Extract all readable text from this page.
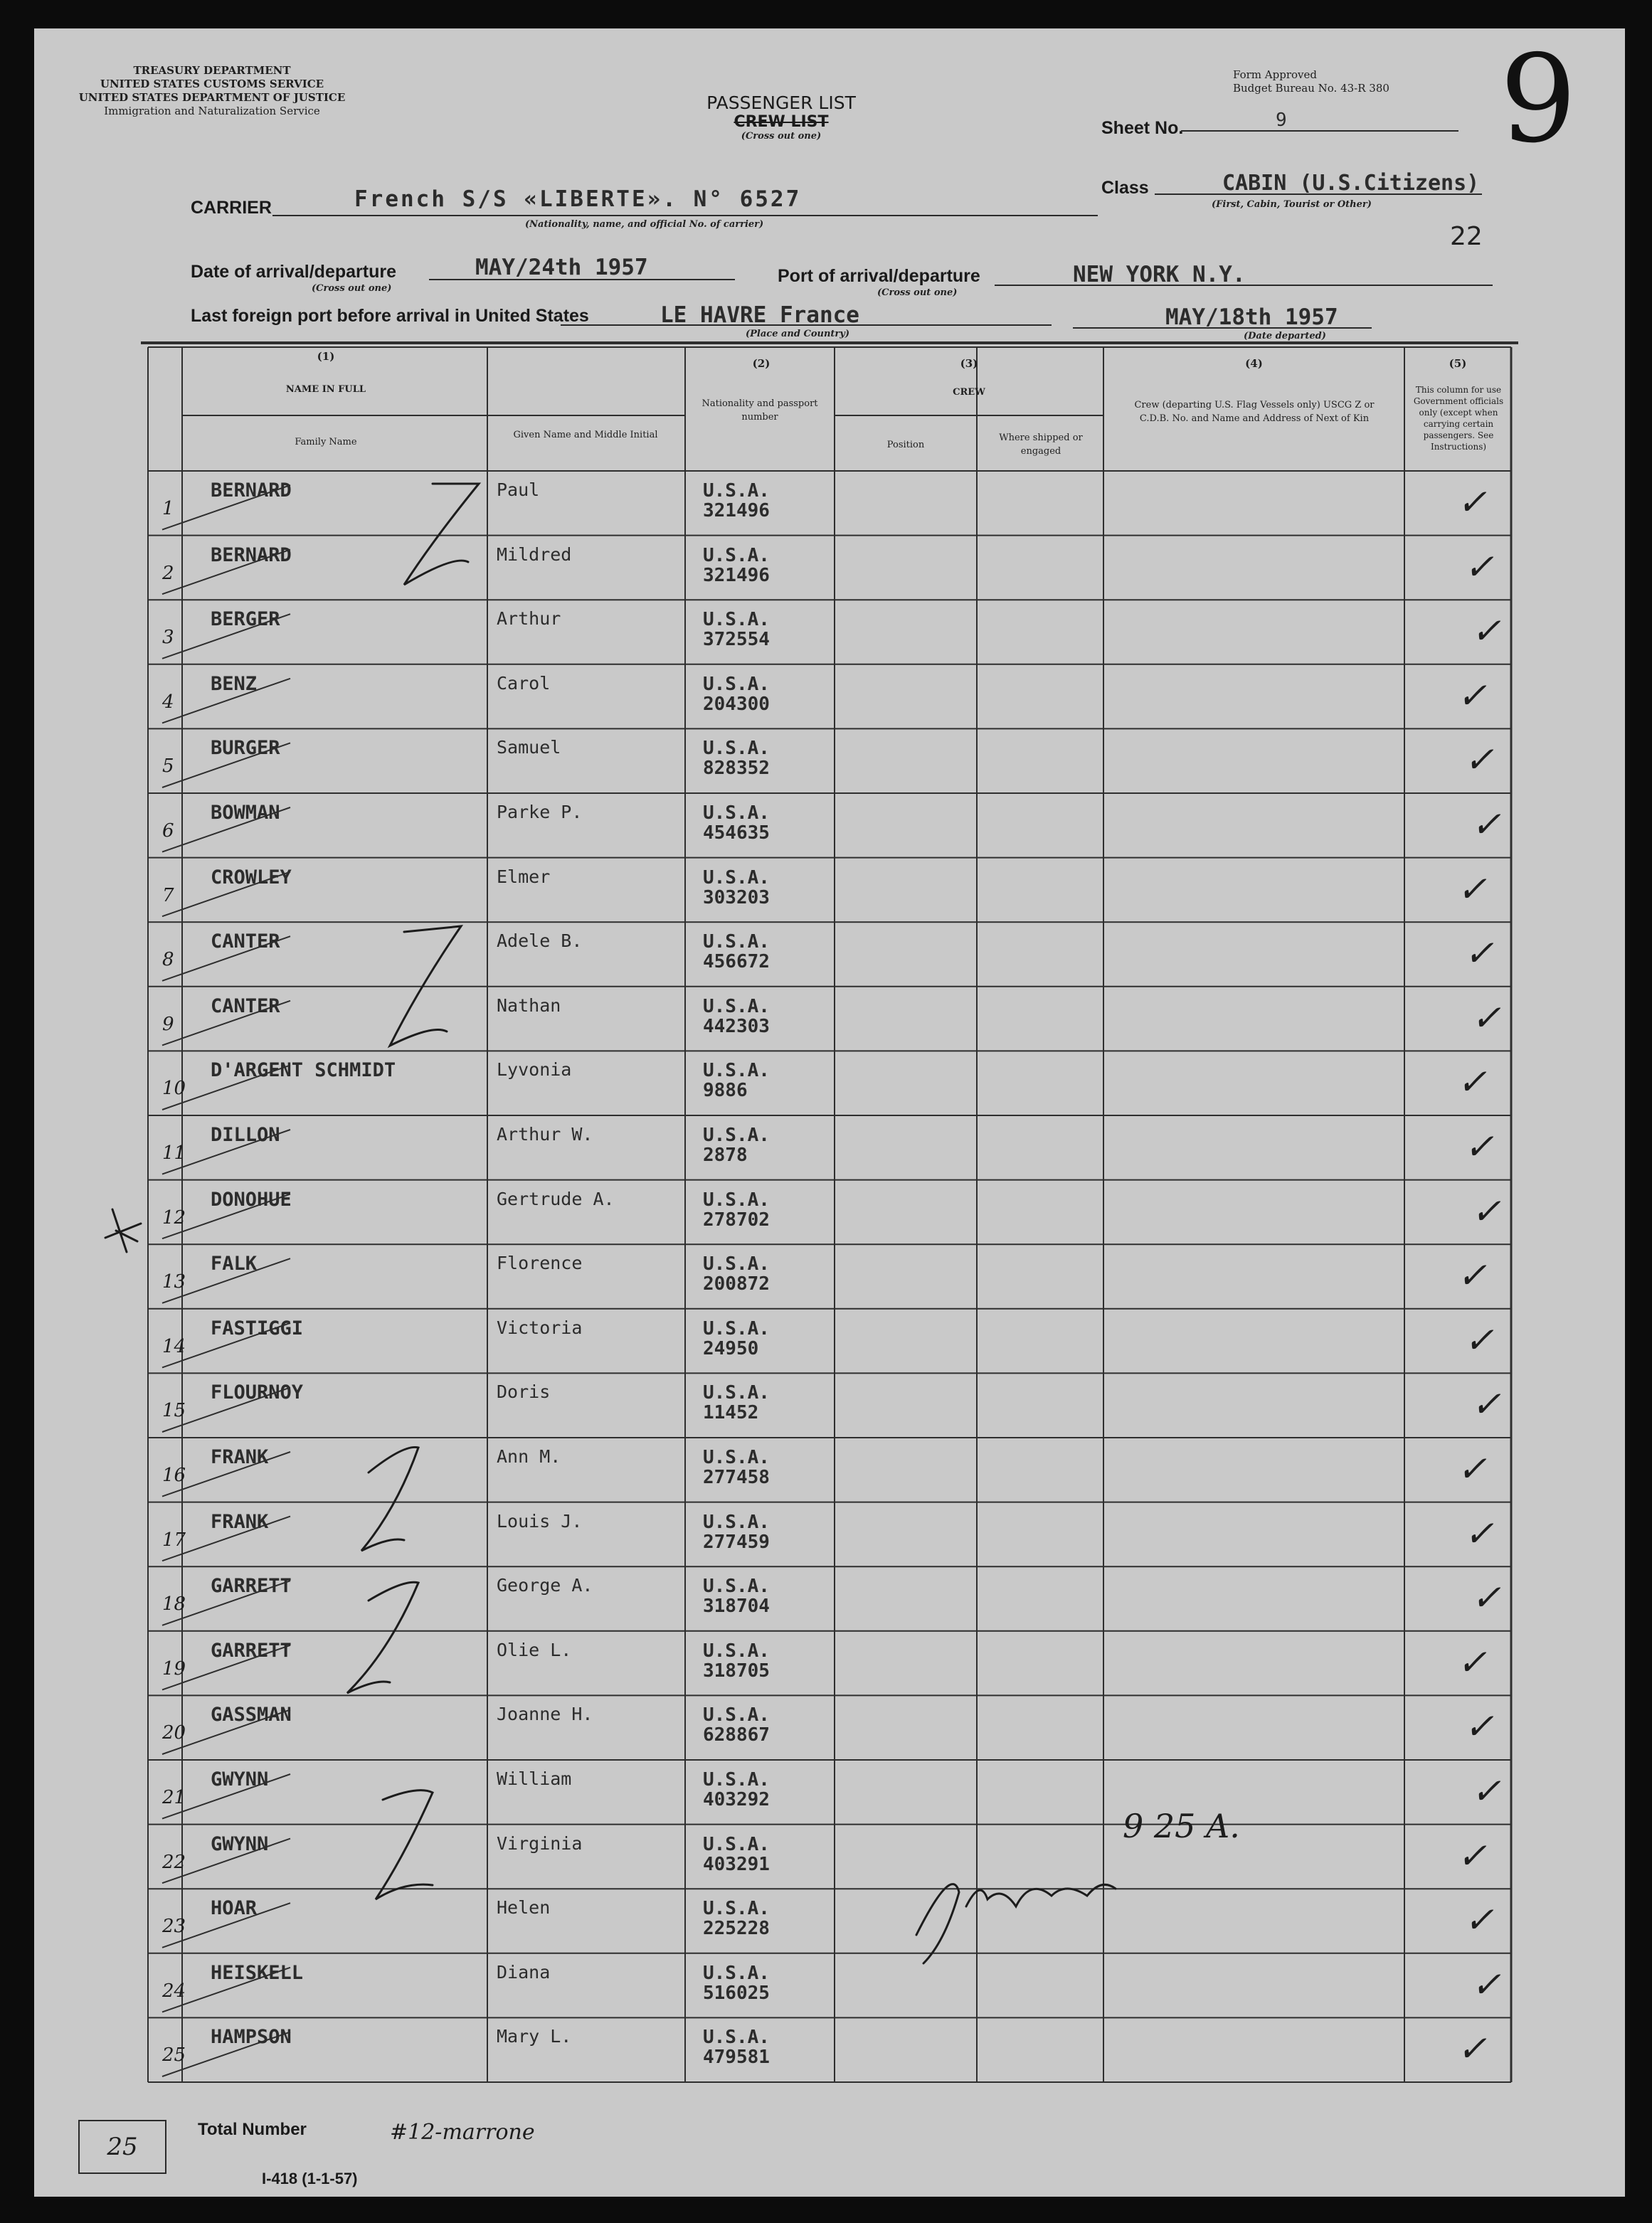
TREASURY DEPARTMENT
UNITED STATES CUSTOMS SERVICE
UNITED STATES DEPARTMENT OF JUSTICE
Immigration and Naturalization Service	PASSENGER LIST
CREW LIST
(Cross out one)
Form Approved
Budget Bureau No. 43-R 380 9
Sheet No.	9
CARRIER	French S/S «LIBERTE». N° 6527
(Nationality, name, and official No. of carrier)
Class	CABIN (U.S.Citizens)
(First, Cabin, Tourist or Other)
22
Date of arrival/departure
(Cross out one)
MAY/24th 1957	Port of arrival/departure
(Cross out one)
NEW YORK N.Y.
Last foreign port before arrival in United States	LE HAVRE France
(Place and Country)
MAY/18th 1957
(Date departed)
(1)
NAME IN FULL
Family Name
Given Name and Middle Initial
(2)
Nationality and passport number
(3)
CREW
Position
Where shipped or engaged
(4)
Crew (departing U.S. Flag Vessels only) USCG Z or C.D.B. No. and Name and Address of Next of Kin
(5)
This column for use Government officials only (except when carrying certain passengers. See Instructions)
1
BERNARD	Paul	U.S.A.
321496	✓
2
BERNARD	Mildred	U.S.A.
321496	✓
3
BERGER	Arthur	U.S.A.
372554	✓
4
BENZ	Carol	U.S.A.
204300	✓
5
BURGER	Samuel	U.S.A.
828352	✓
6
BOWMAN	Parke P.	U.S.A.
454635	✓
7
CROWLEY	Elmer	U.S.A.
303203	✓
8
CANTER	Adele B.	U.S.A.
456672	✓
9
CANTER	Nathan	U.S.A.
442303	✓
10
D'ARGENT SCHMIDT	Lyvonia	U.S.A.
9886	✓
11
DILLON	Arthur W.	U.S.A.
2878	✓
12
DONOHUE	Gertrude A.	U.S.A.
278702	✓
13
FALK	Florence	U.S.A.
200872	✓
14
FASTIGGI	Victoria	U.S.A.
24950	✓
15
FLOURNOY	Doris	U.S.A.
11452	✓
16
FRANK	Ann M.	U.S.A.
277458	✓
17
FRANK	Louis J.	U.S.A.
277459	✓
18
GARRETT	George A.	U.S.A.
318704	✓
19
GARRETT	Olie L.	U.S.A.
318705	✓
20
GASSMAN	Joanne H.	U.S.A.
628867	✓
21
GWYNN	William	U.S.A.
403292	✓
22
GWYNN	Virginia	U.S.A.
403291	✓
23
HOAR	Helen	U.S.A.
225228	✓
24
HEISKELL	Diana	U.S.A.
516025	✓
25
HAMPSON	Mary L.	U.S.A.
479581	✓
9 25 A.
25
Total Number	#12-marrone
I-418 (1-1-57)
